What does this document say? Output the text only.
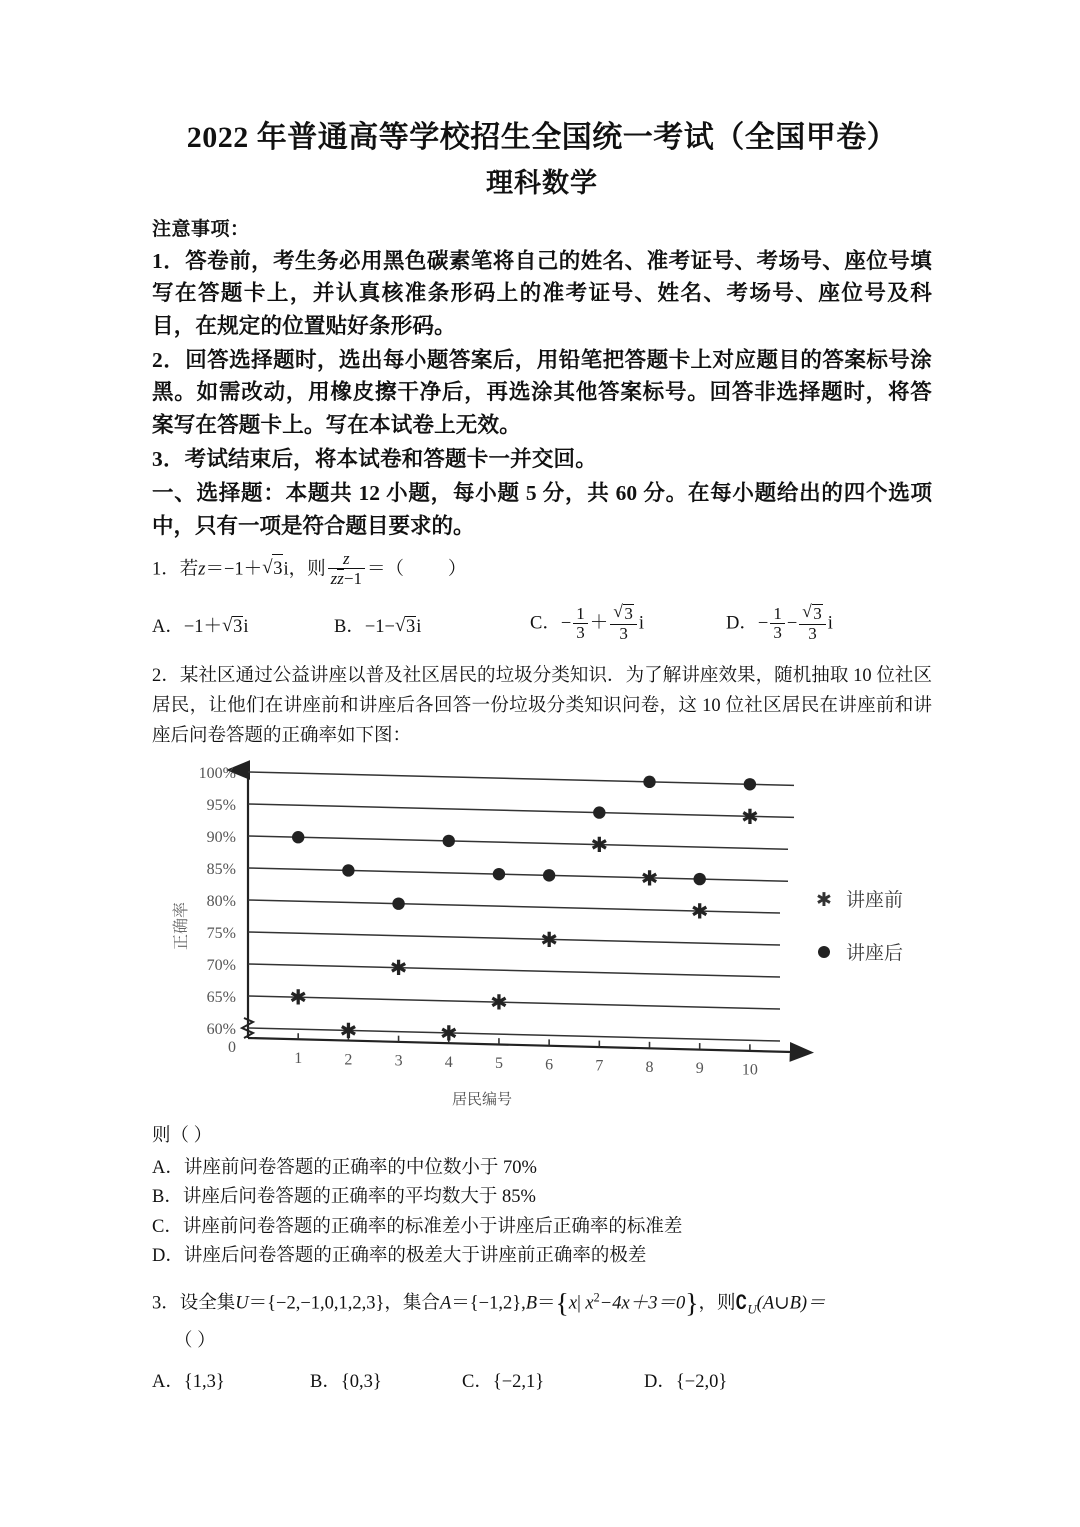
2022 年普通高等学校招生全国统一考试（全国甲卷）
理科数学
注意事项：

1．答卷前，考生务必用黑色碳素笔将自己的姓名、准考证号、考场号、座位号填写在答题卡上，并认真核准条形码上的准考证号、姓名、考场号、座位号及科目，在规定的位置贴好条形码。

2．回答选择题时，选出每小题答案后，用铅笔把答题卡上对应题目的答案标号涂黑。如需改动，用橡皮擦干净后，再选涂其他答案标号。回答非选择题时，将答案写在答题卡上。写在本试卷上无效。

3．考试结束后，将本试卷和答题卡一并交回。

一、选择题：本题共 12 小题，每小题 5 分，共 60 分。在每小题给出的四个选项中，只有一项是符合题目要求的。

1．若z＝−1＋ √ 3i，则 $\frac{z}{zz-1}$ ＝（ ）

A．−1＋ √ 3i	B．−1− √ 3i	C．− $\frac{1}{3}$ ＋ √ $\frac{3}{3}$ i	D．− $\frac{1}{3}$ − √ $\frac{3}{3}$ i

2．某社区通过公益讲座以普及社区居民的垃圾分类知识．为了解讲座效果，随机抽取 10 位社区居民，让他们在讲座前和讲座后各回答一份垃圾分类知识问卷，这 10 位社区居民在讲座前和讲座后问卷答题的正确率如下图：

0
60%
65%
70%
75%
80%
85%
90%
95%
100%
1	2	3	4	5	6	7	8	9 10
✱
✱
✱
✱
✱
✱
✱
✱
✱
✱
正确率
居民编号
✱ 讲座前
讲座后

则（ ）

A．讲座前问卷答题的正确率的中位数小于 70%

B．讲座后问卷答题的正确率的平均数大于 85%

C．讲座前问卷答题的正确率的标准差小于讲座后正确率的标准差

D．讲座后问卷答题的正确率的极差大于讲座前正确率的极差

3．设全集U＝{−2,−1,0,1,2,3}，集合A＝{−1,2},B＝{x| $x^2-4x+3=0$}，则$∁_U(A\cup B)=$

（ ）

A．{1,3}	B．{0,3}	C．{−2,1}	D．{−2,0}
